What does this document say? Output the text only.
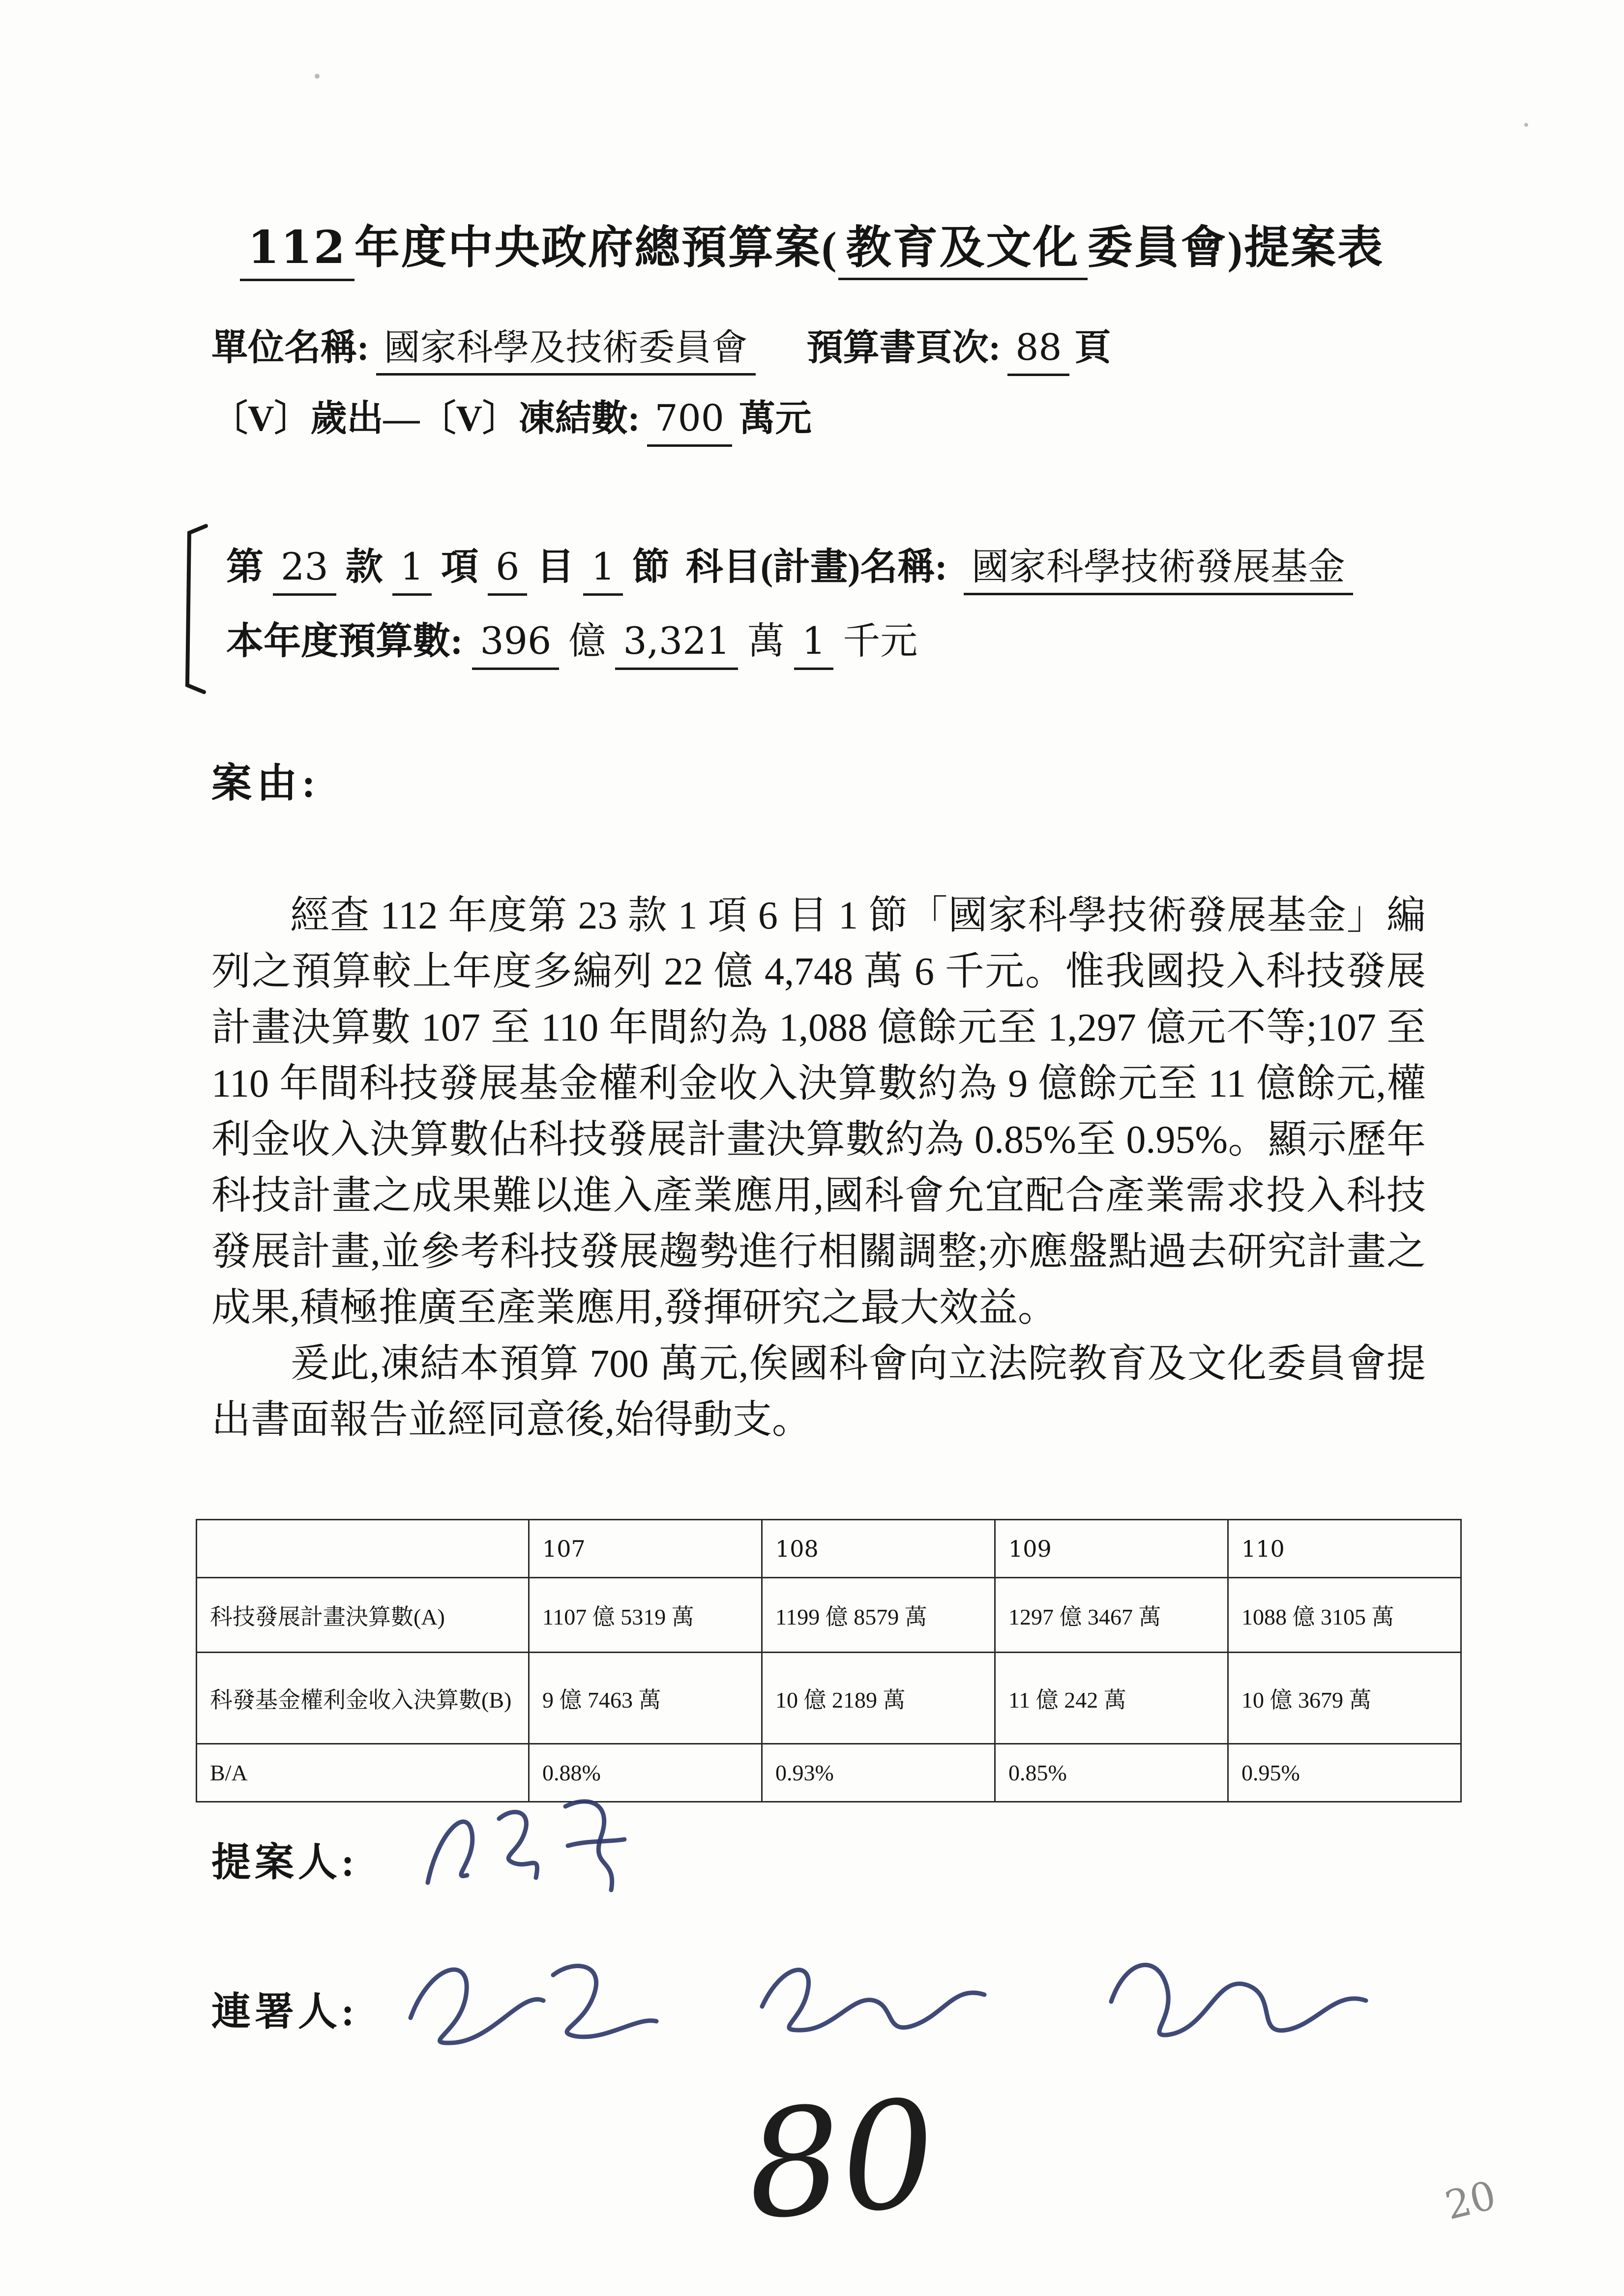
112 年度中央政府總預算案( 教育及文化 委員會)提案表
單位名稱: 國家科學及技術委員會 預算書頁次: 88 頁
〔V〕歲出—〔V〕凍結數: 700 萬元
第 23 款 1 項 6 目 1 節 科目(計畫)名稱: 國家科學技術發展基金
本年度預算數: 396 億 3,321 萬 1 千元
案由:

經查 112 年度第 23 款 1 項 6 目 1 節「國家科學技術發展基金」編列之預算較上年度多編列 22 億 4,748 萬 6 千元。惟我國投入科技發展計畫決算數 107 至 110 年間約為 1,088 億餘元至 1,297 億元不等;107 至 110 年間科技發展基金權利金收入決算數約為 9 億餘元至 11 億餘元,權利金收入決算數佔科技發展計畫決算數約為 0.85%至 0.95%。顯示歷年科技計畫之成果難以進入產業應用,國科會允宜配合產業需求投入科技發展計畫,並參考科技發展趨勢進行相關調整;亦應盤點過去研究計畫之成果,積極推廣至產業應用,發揮研究之最大效益。

爰此,凍結本預算 700 萬元,俟國科會向立法院教育及文化委員會提出書面報告並經同意後,始得動支。

	107	108	109	110
科技發展計畫決算數(A)	1107 億 5319 萬	1199 億 8579 萬	1297 億 3467 萬	1088 億 3105 萬
科發基金權利金收入決算數(B)	9 億 7463 萬	10 億 2189 萬	11 億 242 萬	10 億 3679 萬
B/A	0.88%	0.93%	0.85%	0.95%
提案人:
連署人:
80	20
